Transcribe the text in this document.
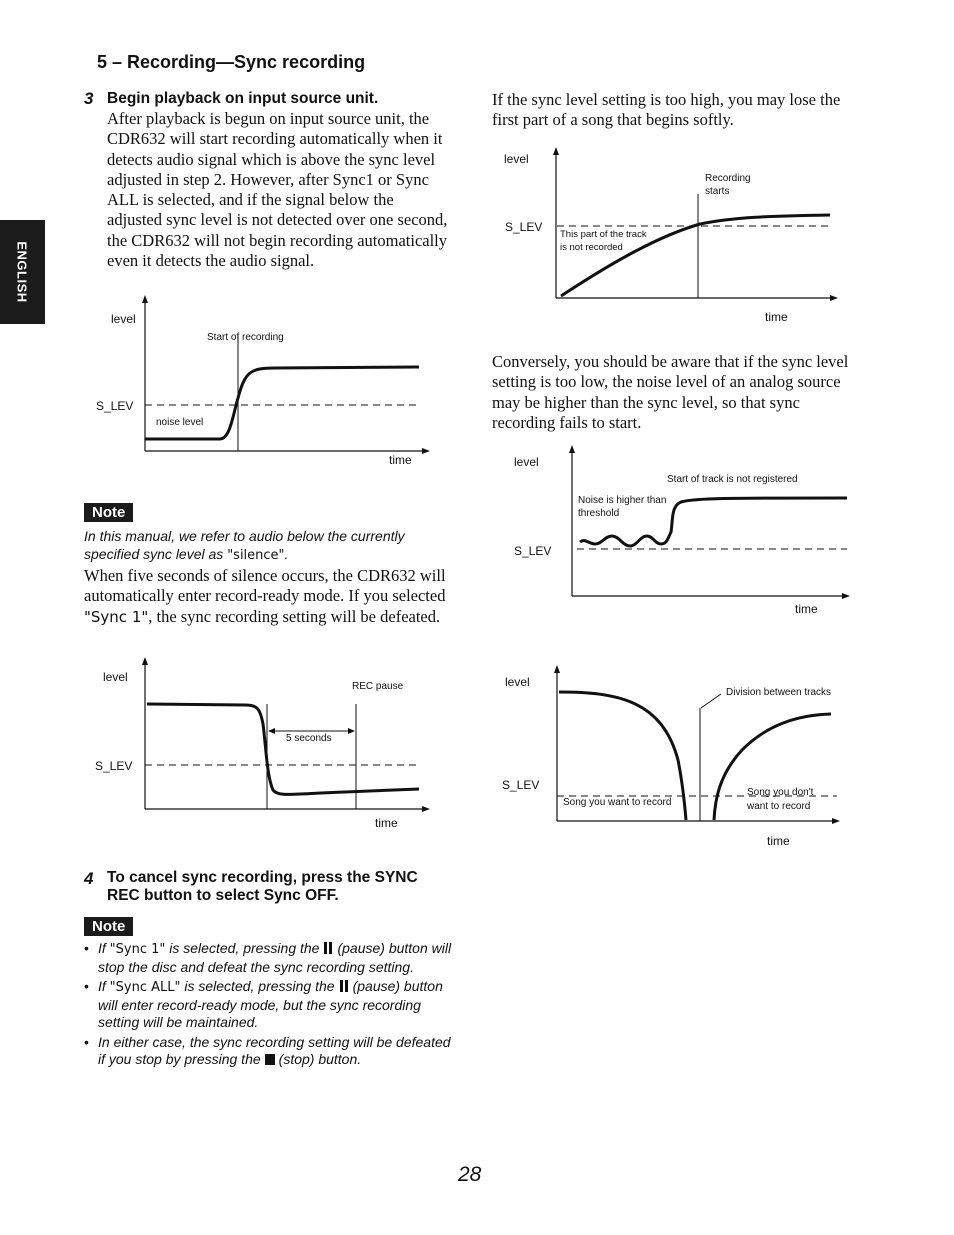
ENGLISH
5 – Recording—Sync recording
3 Begin playback on input source unit.
After playback is begun on input source unit, the CDR632 will start recording automatically when it detects audio signal which is above the sync level adjusted in step 2. However, after Sync1 or Sync ALL is selected, and if the signal below the adjusted sync level is not detected over one second, the CDR632 will not begin recording automatically even it detects the audio signal.
level
S_LEV
time
Start of recording
noise level
Note
In this manual, we refer to audio below the currently specified sync level as "silence".
When five seconds of silence occurs, the CDR632 will automatically enter record-ready mode. If you selected "Sync 1", the sync recording setting will be defeated.
level
S_LEV
time
REC pause
5 seconds
4 To cancel sync recording, press the SYNC REC button to select Sync OFF.
Note
• If "Sync 1" is selected, pressing the (pause) button will stop the disc and defeat the sync recording setting.
• If "Sync ALL" is selected, pressing the (pause) button will enter record-ready mode, but the sync recording setting will be maintained.
• In either case, the sync recording setting will be defeated if you stop by pressing the (stop) button.
If the sync level setting is too high, you may lose the first part of a song that begins softly.
level
S_LEV
time
Recording
starts
This part of the track
is not recorded
Conversely, you should be aware that if the sync level setting is too low, the noise level of an analog source may be higher than the sync level, so that sync recording fails to start.
level
S_LEV
time
Start of track is not registered
Noise is higher than
threshold
level
S_LEV
time
Division between tracks
Song you want to record
Song you don't
want to record
28
